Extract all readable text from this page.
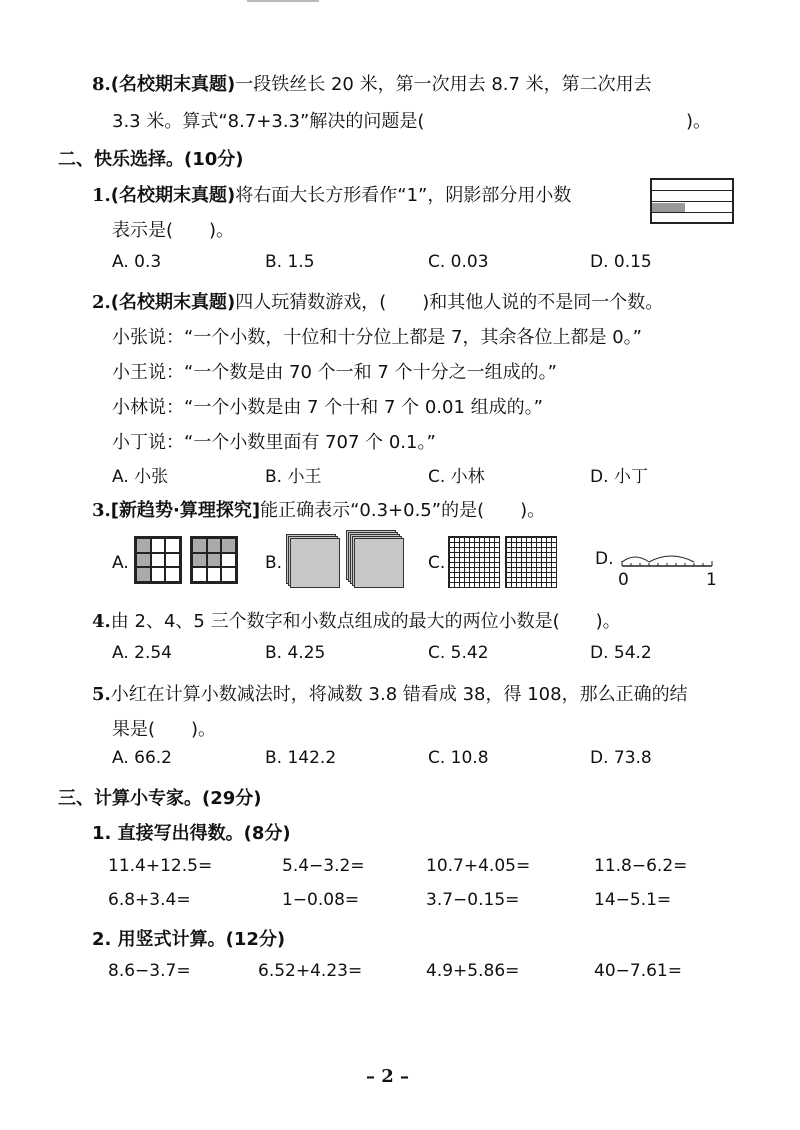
8.(名校期末真题)一段铁丝长 20 米，第一次用去 8.7 米，第二次用去
3.3 米。算式“8.7+3.3”解决的问题是(	)。
二、快乐选择。(10分)
1.(名校期末真题)将右面大长方形看作“1”，阴影部分用小数
表示是(　　)。
A. 0.3	B. 1.5	C. 0.03	D. 0.15
2.(名校期末真题)四人玩猜数游戏，(　　)和其他人说的不是同一个数。
小张说：“一个小数，十位和十分位上都是 7，其余各位上都是 0。”
小王说：“一个数是由 70 个一和 7 个十分之一组成的。”
小林说：“一个小数是由 7 个十和 7 个 0.01 组成的。”
小丁说：“一个小数里面有 707 个 0.1。”
A. 小张	B. 小王	C. 小林	D. 小丁
3.[新趋势·算理探究]能正确表示“0.3+0.5”的是(　　)。
A.	B.	C.	D.
0	1
4.由 2、4、5 三个数字和小数点组成的最大的两位小数是(　　)。
A. 2.54	B. 4.25	C. 5.42	D. 54.2
5.小红在计算小数减法时，将减数 3.8 错看成 38，得 108，那么正确的结
果是(　　)。
A. 66.2	B. 142.2	C. 10.8	D. 73.8
三、计算小专家。(29分)
1. 直接写出得数。(8分)
11.4+12.5=	5.4−3.2=	10.7+4.05=	11.8−6.2=
6.8+3.4=	1−0.08=	3.7−0.15=	14−5.1=
2. 用竖式计算。(12分)
8.6−3.7=	6.52+4.23=	4.9+5.86=	40−7.61=
– 2 –
